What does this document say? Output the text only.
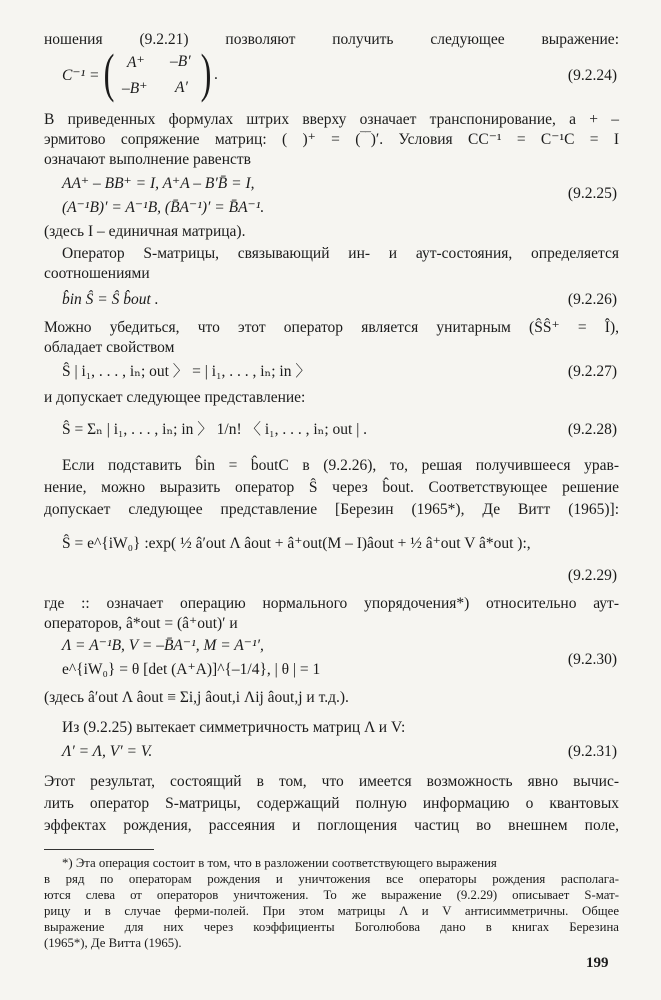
ношения (9.2.21) позволяют получить следующее выражение:
C⁻¹ = ( A⁺ –B′
–B⁺ A′ ) .	(9.2.24)
В приведенных формулах штрих вверху означает транспонирование, а + –
эрмитово сопряжение матриц: ( )⁺ = (‾‾)′. Условия CC⁻¹ = C⁻¹C = I
означают выполнение равенств
AA⁺ – BB⁺ = I, A⁺A – B′B̄ = I,
(9.2.25)
(A⁻¹B)′ = A⁻¹B, (B̄A⁻¹)′ = B̄A⁻¹.
(здесь I – единичная матрица).
Оператор S-матрицы, связывающий ин- и аут-состояния, определяется
соотношениями
b̂in Ŝ = Ŝ b̂out .	(9.2.26)
Можно убедиться, что этот оператор является унитарным (ŜŜ⁺ = Î),
обладает свойством
Ŝ | i₁, . . . , iₙ; out 〉 = | i₁, . . . , iₙ; in 〉	(9.2.27)
и допускает следующее представление:
Ŝ = Σₙ | i₁, . . . , iₙ; in 〉 1/n! 〈 i₁, . . . , iₙ; out | .	(9.2.28)
Если подставить b̂in = b̂outC в (9.2.26), то, решая получившееся урав-
нение, можно выразить оператор Ŝ через b̂out. Соответствующее решение
допускает следующее представление [Березин (1965*), Де Витт (1965)]:
Ŝ = e^{iW₀} :exp( ½ â′out Λ âout + â⁺out(M – I)âout + ½ â⁺out V â*out ):,
(9.2.29)
где :: означает операцию нормального упорядочения*) относительно аут-
операторов, â*out = (â⁺out)′ и
Λ = A⁻¹B, V = –B̄A⁻¹, M = A⁻¹′,
(9.2.30)
e^{iW₀} = θ [det (A⁺A)]^{–1/4}, | θ | = 1
(здесь â′out Λ âout ≡ Σi,j âout,i Λij âout,j и т.д.).
Из (9.2.25) вытекает симметричность матриц Λ и V:
Λ′ = Λ, V′ = V.	(9.2.31)
Этот результат, состоящий в том, что имеется возможность явно вычис-
лить оператор S-матрицы, содержащий полную информацию о квантовых
эффектах рождения, рассеяния и поглощения частиц во внешнем поле,
*) Эта операция состоит в том, что в разложении соответствующего выражения
в ряд по операторам рождения и уничтожения все операторы рождения располага-
ются слева от операторов уничтожения. То же выражение (9.2.29) описывает S-мат-
рицу и в случае ферми-полей. При этом матрицы Λ и V антисимметричны. Общее
выражение для них через коэффициенты Боголюбова дано в книгах Березина
(1965*), Де Витта (1965).
199
